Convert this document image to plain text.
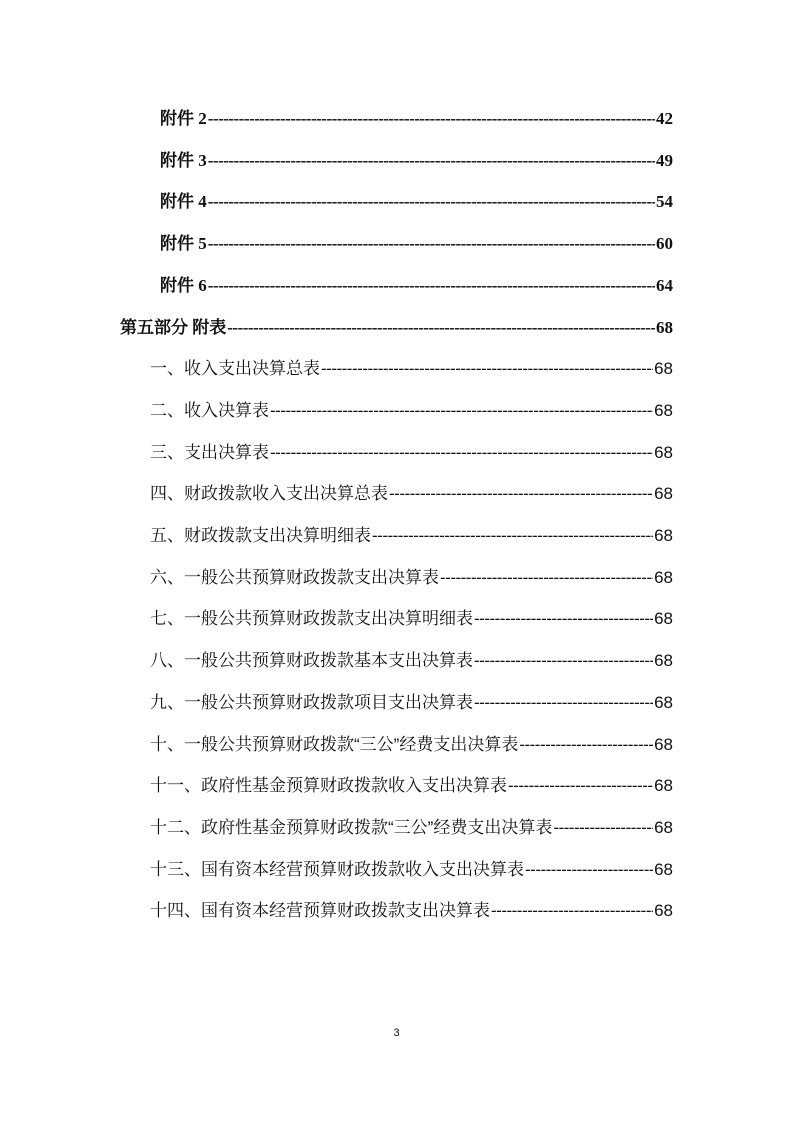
附件 2 -----	42
附件 3 -----	49
附件 4 -----	54
附件 5 -----	60
附件 6 -----	64
第五部分 附表 -----	68
一、收入支出决算总表 -----	68
二、收入决算表 -----	68
三、支出决算表 -----	68
四、财政拨款收入支出决算总表 -----	68
五、财政拨款支出决算明细表 -----	68
六、一般公共预算财政拨款支出决算表 -----	68
七、一般公共预算财政拨款支出决算明细表 -----	68
八、一般公共预算财政拨款基本支出决算表 -----	68
九、一般公共预算财政拨款项目支出决算表 -----	68
十、一般公共预算财政拨款“三公”经费支出决算表 -----	68
十一、政府性基金预算财政拨款收入支出决算表 -----	68
十二、政府性基金预算财政拨款“三公”经费支出决算表 -----	68
十三、国有资本经营预算财政拨款收入支出决算表 -----	68
十四、国有资本经营预算财政拨款支出决算表 -----	68
3
